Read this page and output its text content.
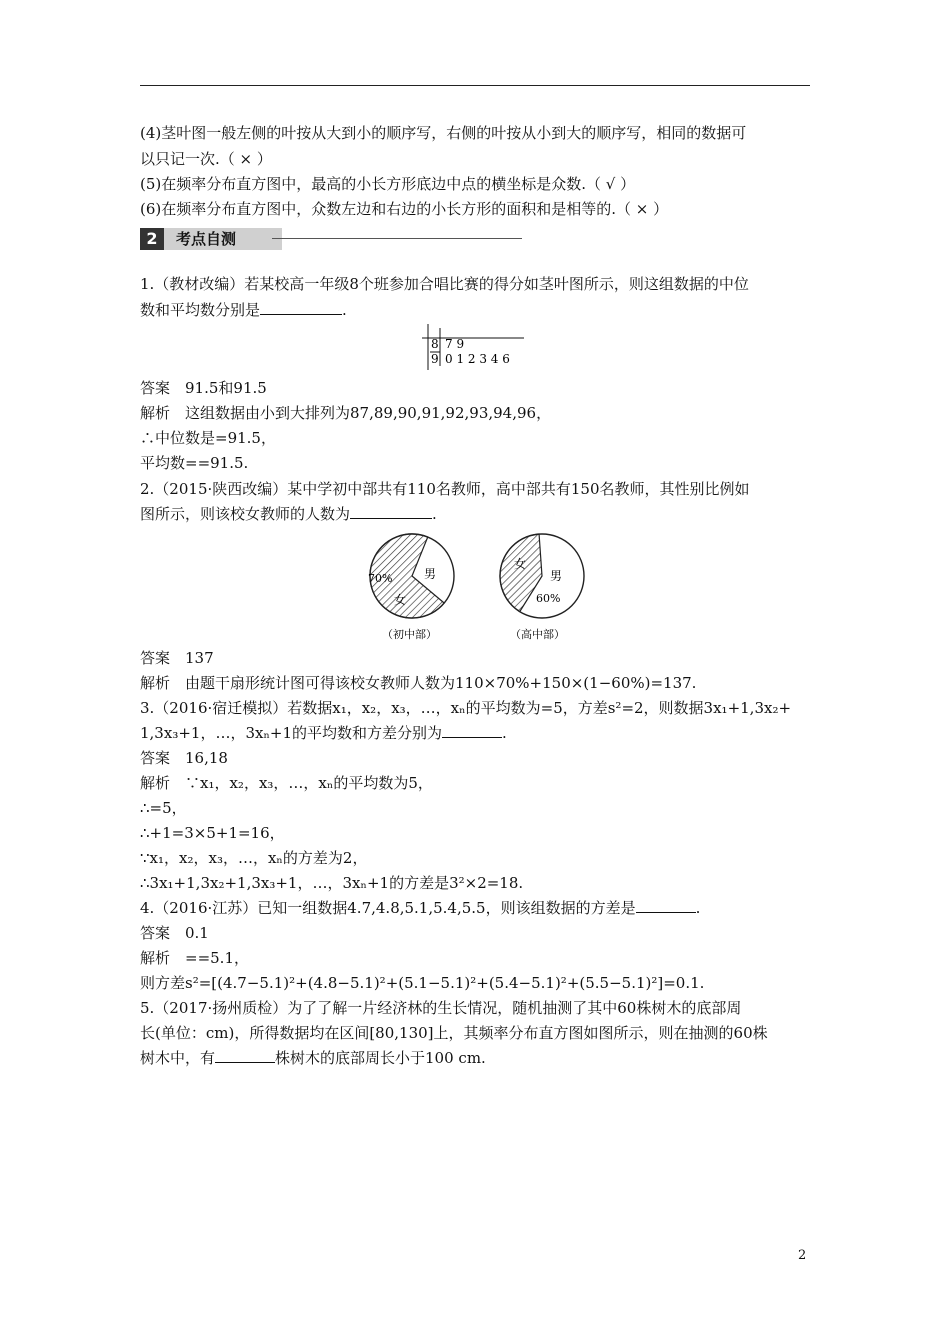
(4)茎叶图一般左侧的叶按从大到小的顺序写，右侧的叶按从小到大的顺序写，相同的数据可
以只记一次.（ × ）
(5)在频率分布直方图中，最高的小长方形底边中点的横坐标是众数.（ √ ）
(6)在频率分布直方图中，众数左边和右边的小长方形的面积和是相等的.（ × ）
2	考点自测
1.（教材改编）若某校高一年级8个班参加合唱比赛的得分如茎叶图所示，则这组数据的中位
数和平均数分别是	.
8 7 9
9 0 1 2 3 4 6
答案　91.5和91.5
解析　这组数据由小到大排列为87,89,90,91,92,93,94,96，
∴中位数是=91.5，
平均数==91.5.
2.（2015·陕西改编）某中学初中部共有110名教师，高中部共有150名教师，其性别比例如
图所示，则该校女教师的人数为	.
70%
女
男
（初中部）
女
男
60%
（高中部）
答案　137
解析　由题干扇形统计图可得该校女教师人数为110×70%+150×(1−60%)=137.
3.（2016·宿迁模拟）若数据x₁，x₂，x₃，…，xₙ的平均数为=5，方差s²=2，则数据3x₁+1,3x₂+
1,3x₃+1，…，3xₙ+1的平均数和方差分别为	.
答案　16,18
解析　∵x₁，x₂，x₃，…，xₙ的平均数为5，
∴=5，
∴+1=3×5+1=16，
∵x₁，x₂，x₃，…，xₙ的方差为2，
∴3x₁+1,3x₂+1,3x₃+1，…，3xₙ+1的方差是3²×2=18.
4.（2016·江苏）已知一组数据4.7,4.8,5.1,5.4,5.5，则该组数据的方差是	.
答案　0.1
解析　==5.1，
则方差s²=[(4.7−5.1)²+(4.8−5.1)²+(5.1−5.1)²+(5.4−5.1)²+(5.5−5.1)²]=0.1.
5.（2017·扬州质检）为了了解一片经济林的生长情况，随机抽测了其中60株树木的底部周
长(单位：cm)，所得数据均在区间[80,130]上，其频率分布直方图如图所示，则在抽测的60株
树木中，有	株树木的底部周长小于100 cm.
2
